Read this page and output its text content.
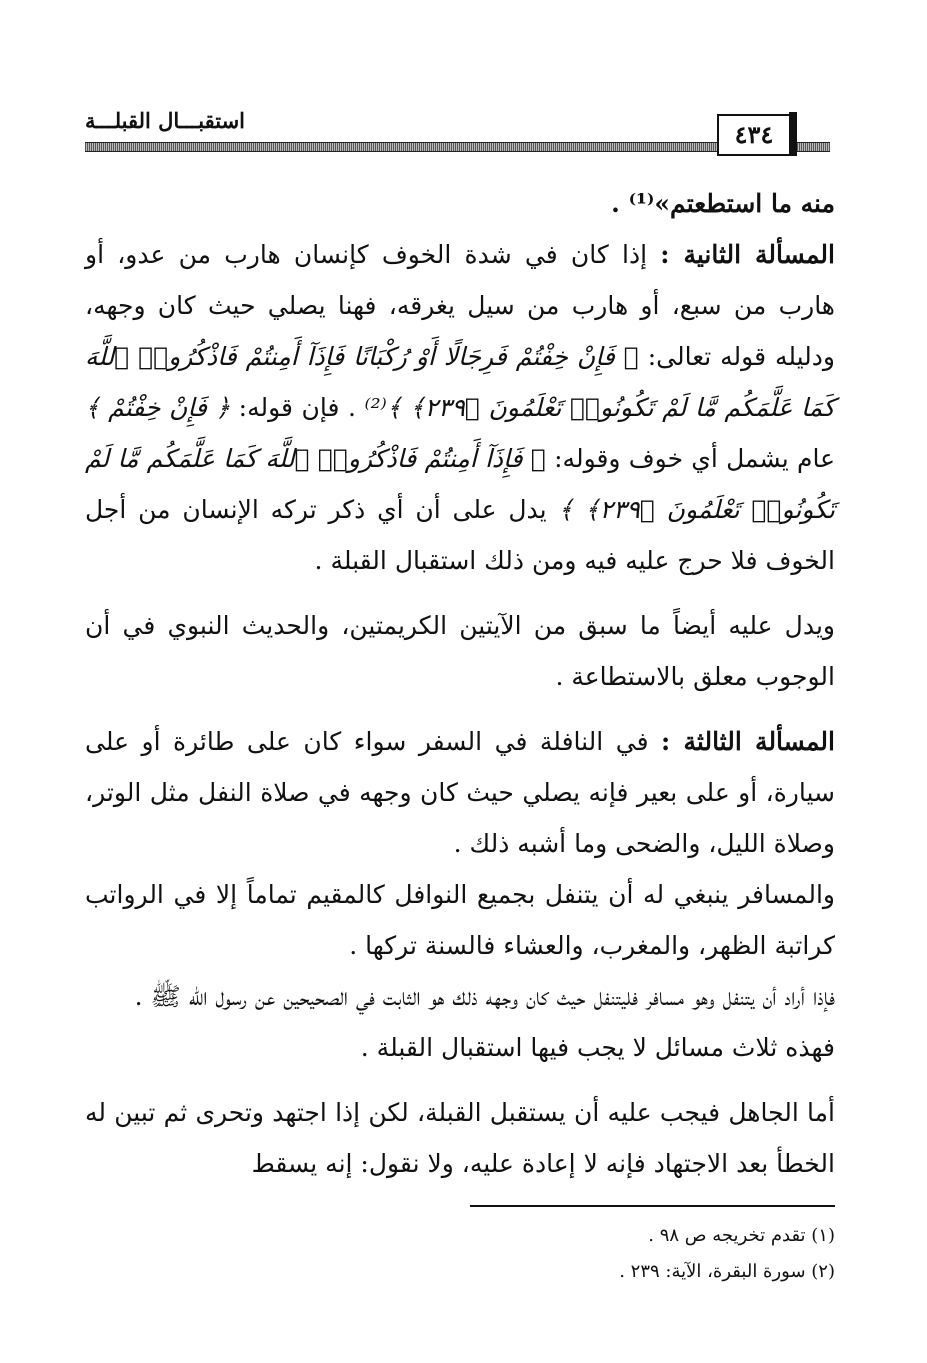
استقبـــال القبلـــة	٤٣٤

منه ما استطعتم»⁽¹⁾ .

المسألة الثانية : إذا كان في شدة الخوف كإنسان هارب من عدو، أو هارب من سبع، أو هارب من سيل يغرقه، فهنا يصلي حيث كان وجهه، ودليله قوله تعالى: ﴿ فَإِنْ خِفْتُمْ فَرِجَالًا أَوْ رُكْبَانًا فَإِذَآ أَمِنتُمْ فَاذْكُرُوا۟ ٱللَّهَ كَمَا عَلَّمَكُم مَّا لَمْ تَكُونُوا۟ تَعْلَمُونَ ﴿٢٣٩﴾ ﴾⁽²⁾ . فإن قوله: ﴿ فَإِنْ خِفْتُمْ ﴾ عام يشمل أي خوف وقوله: ﴿ فَإِذَآ أَمِنتُمْ فَاذْكُرُوا۟ ٱللَّهَ كَمَا عَلَّمَكُم مَّا لَمْ تَكُونُوا۟ تَعْلَمُونَ ﴿٢٣٩﴾ ﴾ يدل على أن أي ذكر تركه الإنسان من أجل الخوف فلا حرج عليه فيه ومن ذلك استقبال القبلة .

ويدل عليه أيضاً ما سبق من الآيتين الكريمتين، والحديث النبوي في أن الوجوب معلق بالاستطاعة .

المسألة الثالثة : في النافلة في السفر سواء كان على طائرة أو على سيارة، أو على بعير فإنه يصلي حيث كان وجهه في صلاة النفل مثل الوتر، وصلاة الليل، والضحى وما أشبه ذلك .

والمسافر ينبغي له أن يتنفل بجميع النوافل كالمقيم تماماً إلا في الرواتب كراتبة الظهر، والمغرب، والعشاء فالسنة تركها .

فإذا أراد أن يتنفل وهو مسافر فليتنفل حيث كان وجهه ذلك هو الثابت في الصحيحين عن رسول الله ﷺ .

فهذه ثلاث مسائل لا يجب فيها استقبال القبلة .

أما الجاهل فيجب عليه أن يستقبل القبلة، لكن إذا اجتهد وتحرى ثم تبين له الخطأ بعد الاجتهاد فإنه لا إعادة عليه، ولا نقول: إنه يسقط

(١) تقدم تخريجه ص ٩٨ .
(٢) سورة البقرة، الآية: ٢٣٩ .
